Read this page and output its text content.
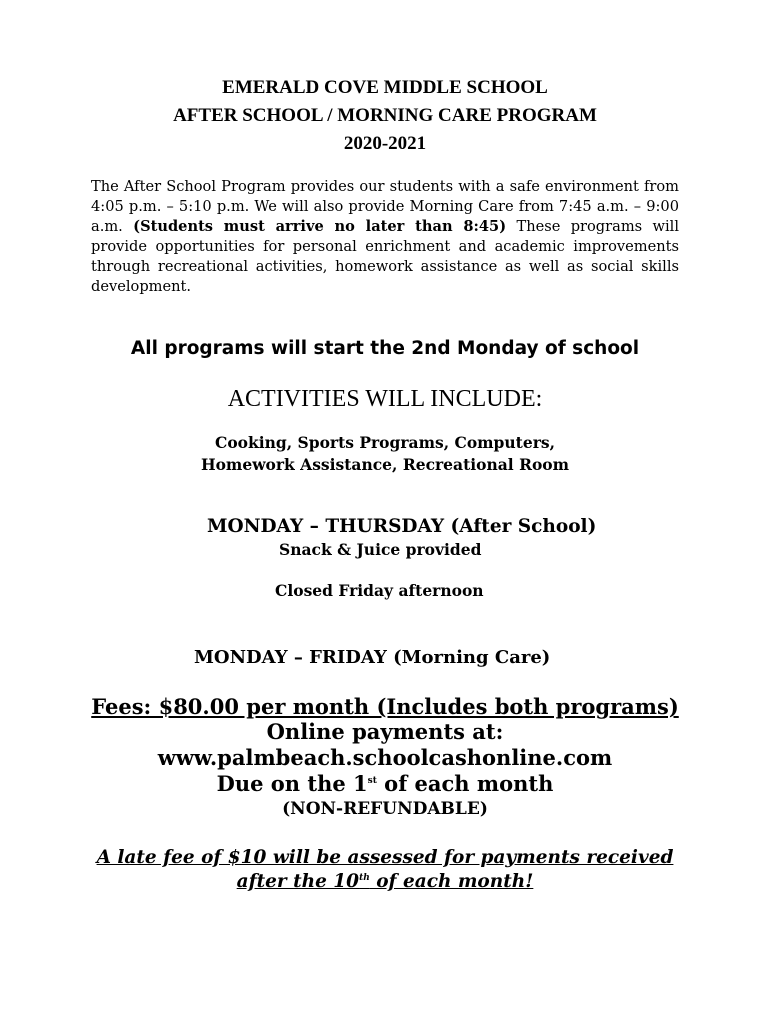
EMERALD COVE MIDDLE SCHOOL

AFTER SCHOOL / MORNING CARE PROGRAM

2020-2021

The After School Program provides our students with a safe environment from 4:05 p.m. – 5:10 p.m. We will also provide Morning Care from 7:45 a.m. – 9:00 a.m. (Students must arrive no later than 8:45) These programs will provide opportunities for personal enrichment and academic improvements through recreational activities, homework assistance as well as social skills development.

All programs will start the 2nd Monday of school

ACTIVITIES WILL INCLUDE:

Cooking, Sports Programs, Computers,

Homework Assistance, Recreational Room

MONDAY – THURSDAY (After School)

Snack & Juice provided

Closed Friday afternoon

MONDAY – FRIDAY (Morning Care)

Fees: $80.00 per month (Includes both programs)

Online payments at:

www.palmbeach.schoolcashonline.com

Due on the 1st of each month

(NON-REFUNDABLE)

A late fee of $10 will be assessed for payments received

after the 10th of each month!
